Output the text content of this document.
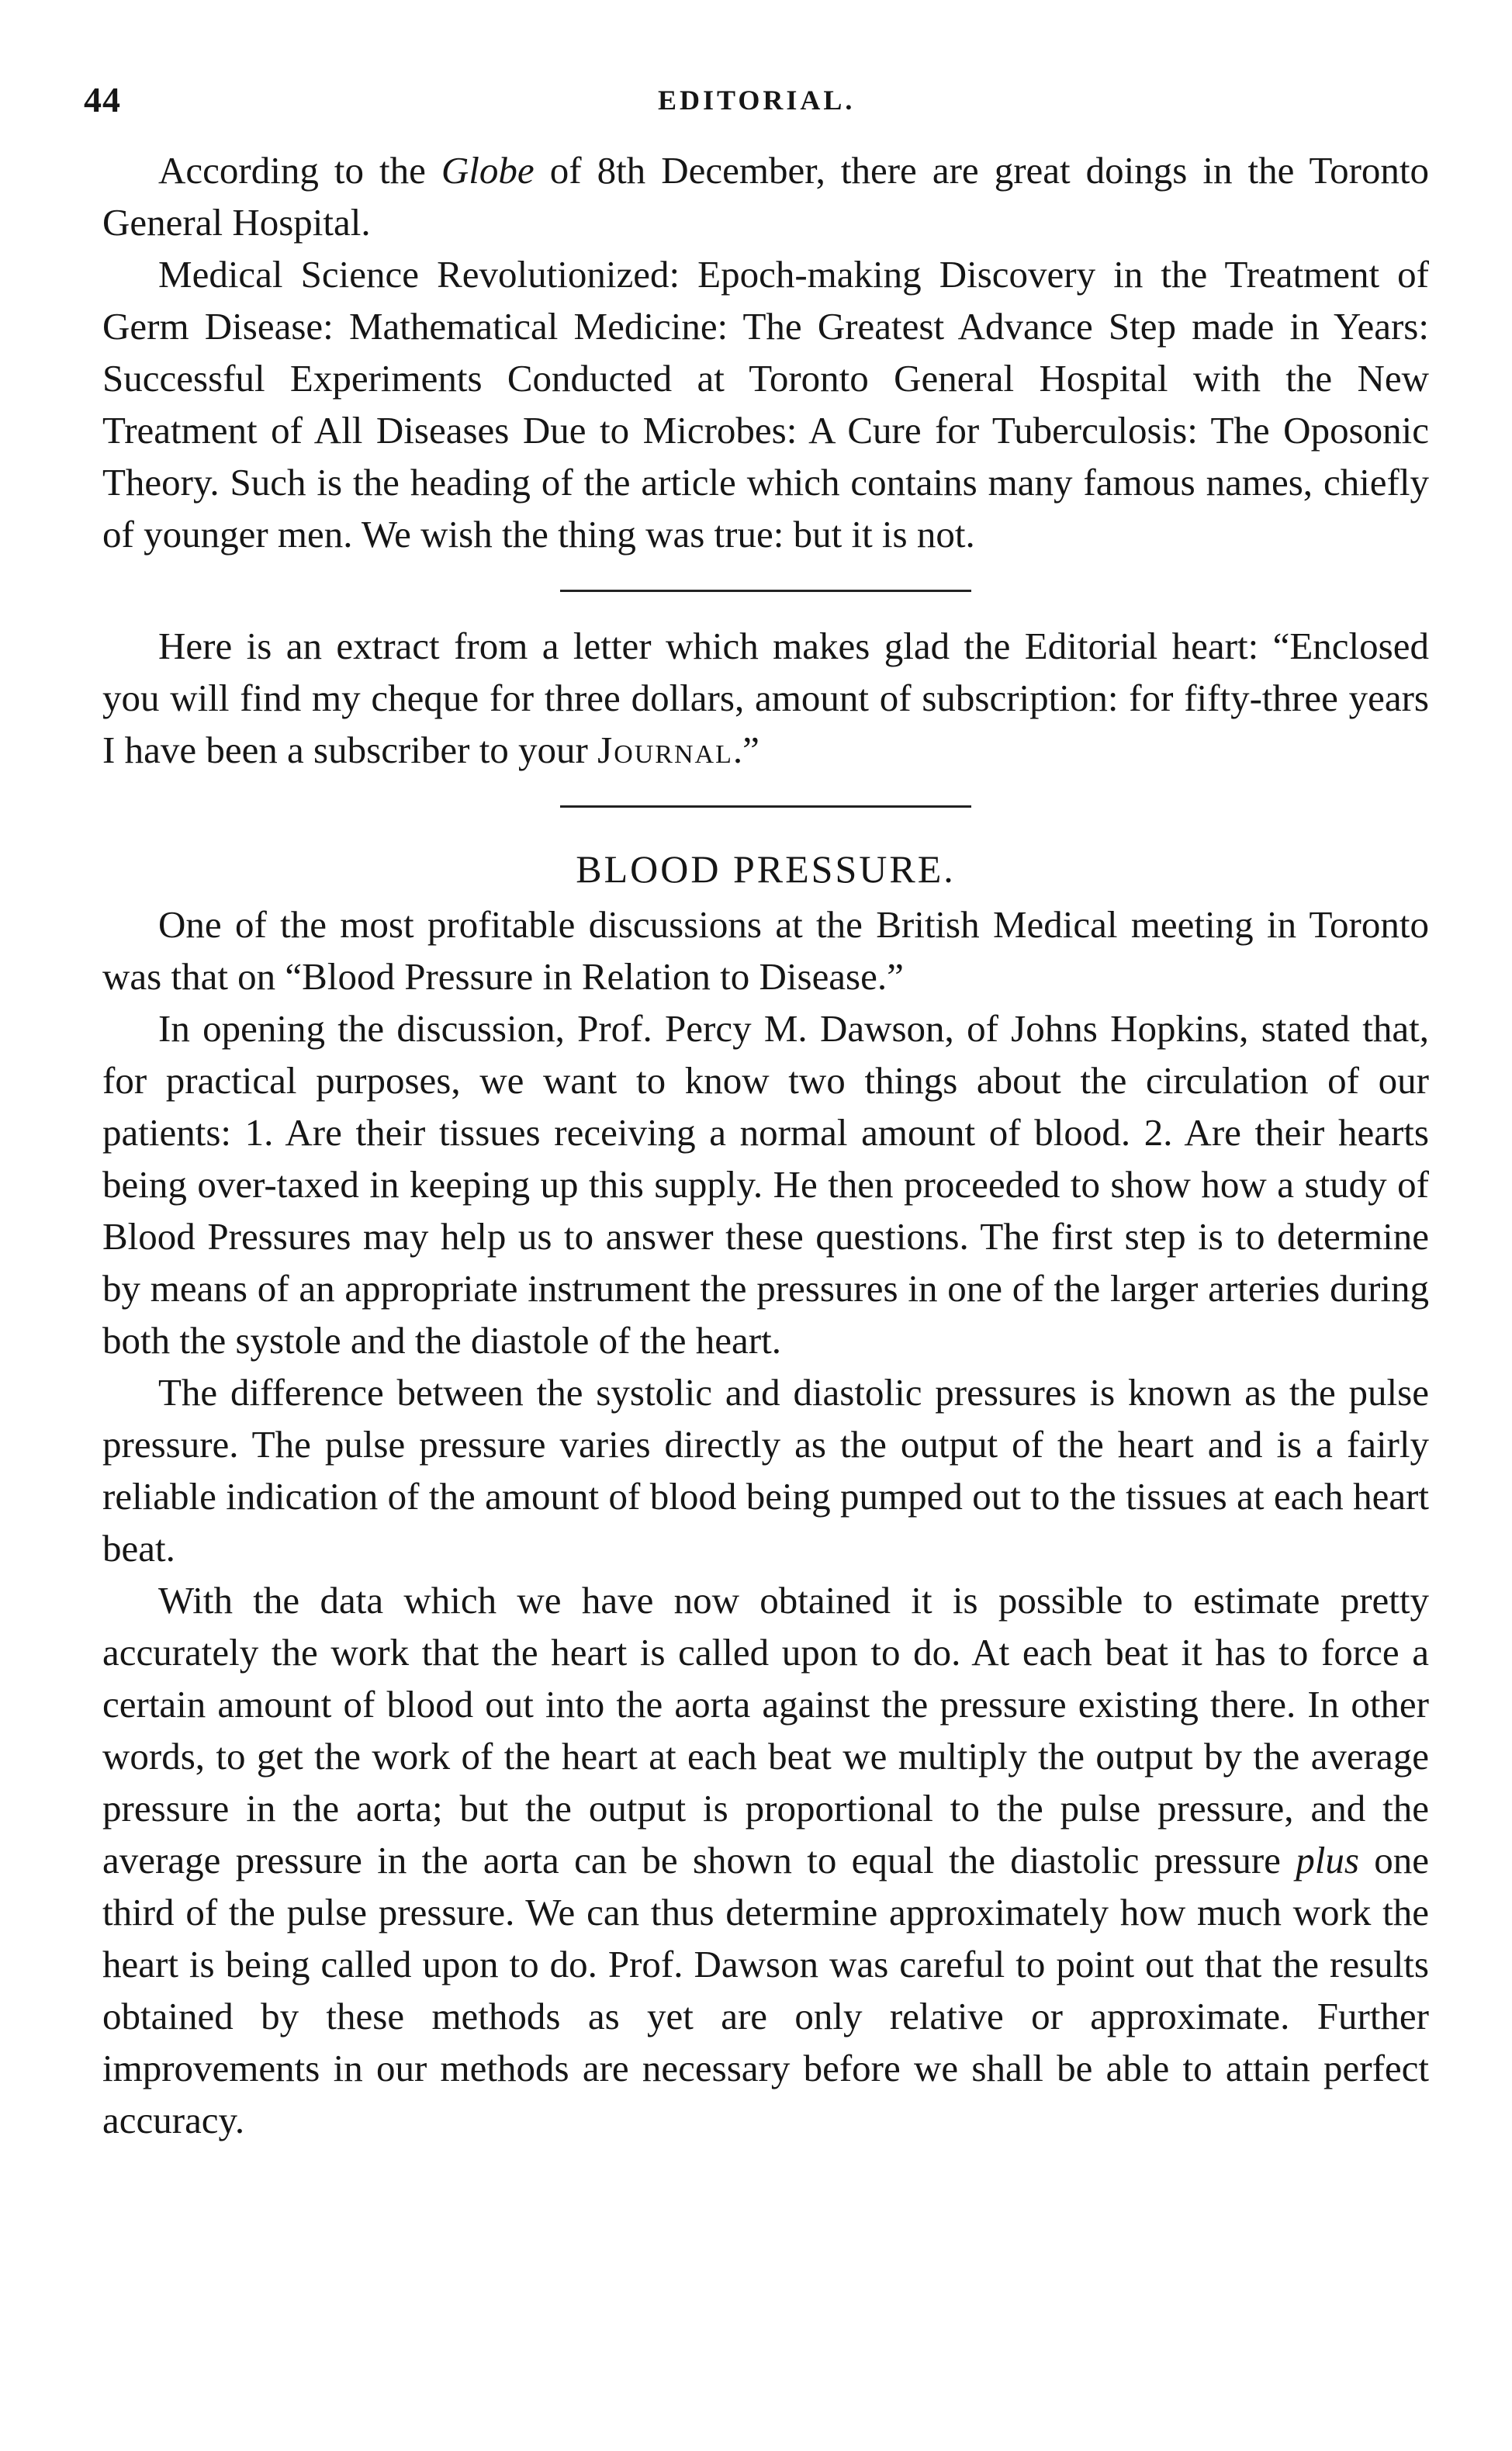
44	EDITORIAL.

According to the Globe of 8th December, there are great doings in the Toronto General Hospital.

Medical Science Revolutionized: Epoch-making Discovery in the Treatment of Germ Disease: Mathematical Medicine: The Greatest Advance Step made in Years: Successful Experiments Conducted at Toronto General Hospital with the New Treatment of All Diseases Due to Microbes: A Cure for Tuberculosis: The Oposonic Theory. Such is the heading of the article which contains many famous names, chiefly of younger men. We wish the thing was true: but it is not.

Here is an extract from a letter which makes glad the Editorial heart: “Enclosed you will find my cheque for three dollars, amount of subscription: for fifty-three years I have been a subscriber to your Journal.”

BLOOD PRESSURE.

One of the most profitable discussions at the British Medical meeting in Toronto was that on “Blood Pressure in Relation to Disease.”

In opening the discussion, Prof. Percy M. Dawson, of Johns Hopkins, stated that, for practical purposes, we want to know two things about the circulation of our patients: 1. Are their tissues receiving a normal amount of blood. 2. Are their hearts being over-taxed in keeping up this supply. He then proceeded to show how a study of Blood Pressures may help us to answer these questions. The first step is to determine by means of an appropriate instrument the pressures in one of the larger arteries during both the systole and the diastole of the heart.

The difference between the systolic and diastolic pressures is known as the pulse pressure. The pulse pressure varies directly as the output of the heart and is a fairly reliable indication of the amount of blood being pumped out to the tissues at each heart beat.

With the data which we have now obtained it is possible to estimate pretty accurately the work that the heart is called upon to do. At each beat it has to force a certain amount of blood out into the aorta against the pressure existing there. In other words, to get the work of the heart at each beat we multiply the output by the average pressure in the aorta; but the output is proportional to the pulse pressure, and the average pressure in the aorta can be shown to equal the diastolic pressure plus one third of the pulse pressure. We can thus determine approximately how much work the heart is being called upon to do. Prof. Dawson was careful to point out that the results obtained by these methods as yet are only relative or approximate. Further improvements in our methods are necessary before we shall be able to attain perfect accuracy.
